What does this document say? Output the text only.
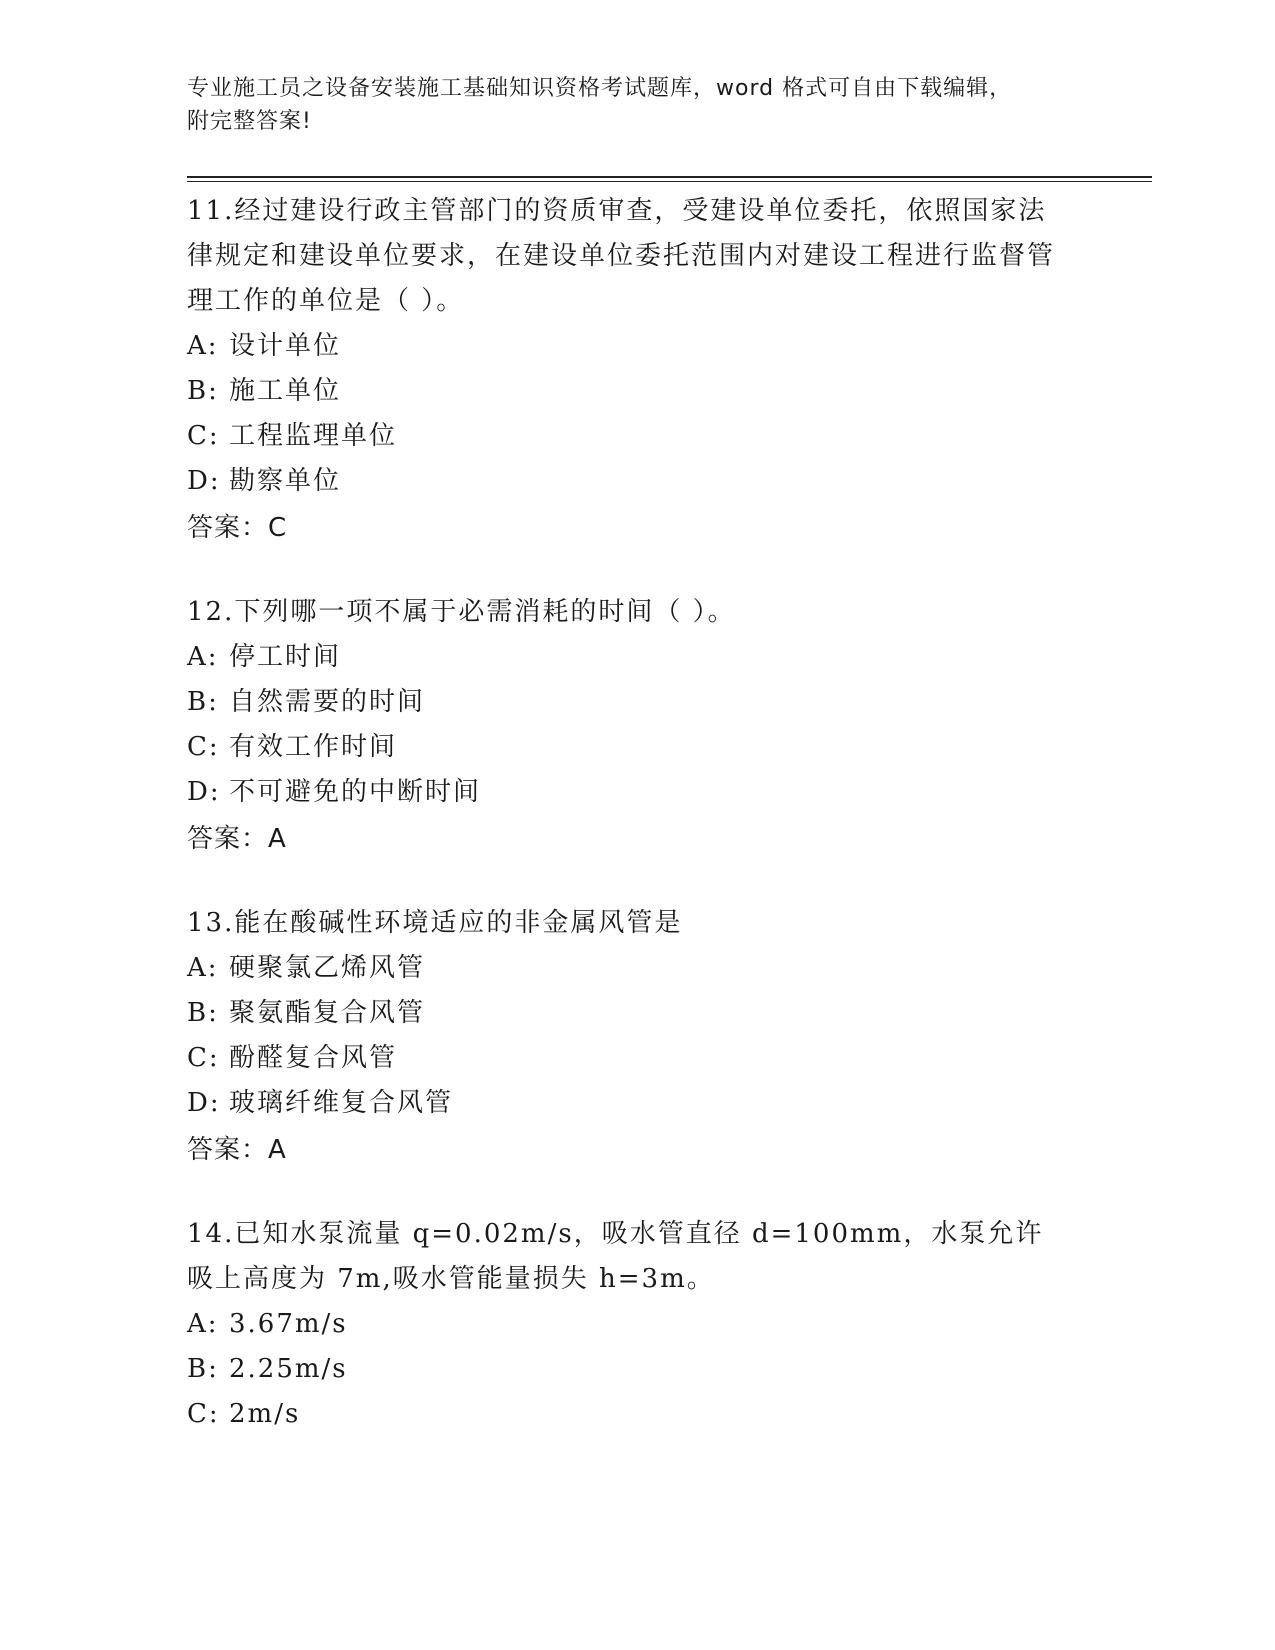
专业施工员之设备安装施工基础知识资格考试题库，word 格式可自由下载编辑，
附完整答案!

11.经过建设行政主管部门的资质审查，受建设单位委托，依照国家法律规定和建设单位要求，在建设单位委托范围内对建设工程进行监督管理工作的单位是（ ）。

A: 设计单位

B: 施工单位

C: 工程监理单位

D: 勘察单位

答案：C

12.下列哪一项不属于必需消耗的时间（ ）。

A: 停工时间

B: 自然需要的时间

C: 有效工作时间

D: 不可避免的中断时间

答案：A

13.能在酸碱性环境适应的非金属风管是

A: 硬聚氯乙烯风管

B: 聚氨酯复合风管

C: 酚醛复合风管

D: 玻璃纤维复合风管

答案：A

14.已知水泵流量 q=0.02m/s，吸水管直径 d=100mm，水泵允许吸上高度为 7m,吸水管能量损失 h=3m。

A: 3.67m/s

B: 2.25m/s

C: 2m/s
